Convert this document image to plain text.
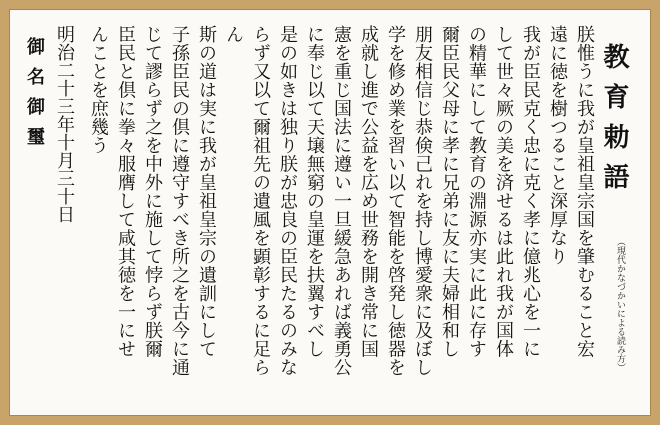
教育勅語
（現代かなづかいによる読み方）
朕惟うに我が皇祖皇宗国を肇むること宏
遠に徳を樹つること深厚なり
我が臣民克く忠に克く孝に億兆心を一に
して世々厥の美を済せるは此れ我が国体
の精華にして教育の淵源亦実に此に存す
爾臣民父母に孝に兄弟に友に夫婦相和し
朋友相信じ恭倹己れを持し博愛衆に及ぼし
学を修め業を習い以て智能を啓発し徳器を
成就し進で公益を広め世務を開き常に国
憲を重じ国法に遵い一旦緩急あれば義勇公
に奉じ以て天壌無窮の皇運を扶翼すべし
是の如きは独り朕が忠良の臣民たるのみな
らず又以て爾祖先の遺風を顕彰するに足ら
ん
斯の道は実に我が皇祖皇宗の遺訓にして
子孫臣民の倶に遵守すべき所之を古今に通
じて謬らず之を中外に施して悖らず朕爾
臣民と倶に拳々服膺して咸其徳を一にせ
んことを庶幾う
明治二十三年十月三十日
御名御璽
